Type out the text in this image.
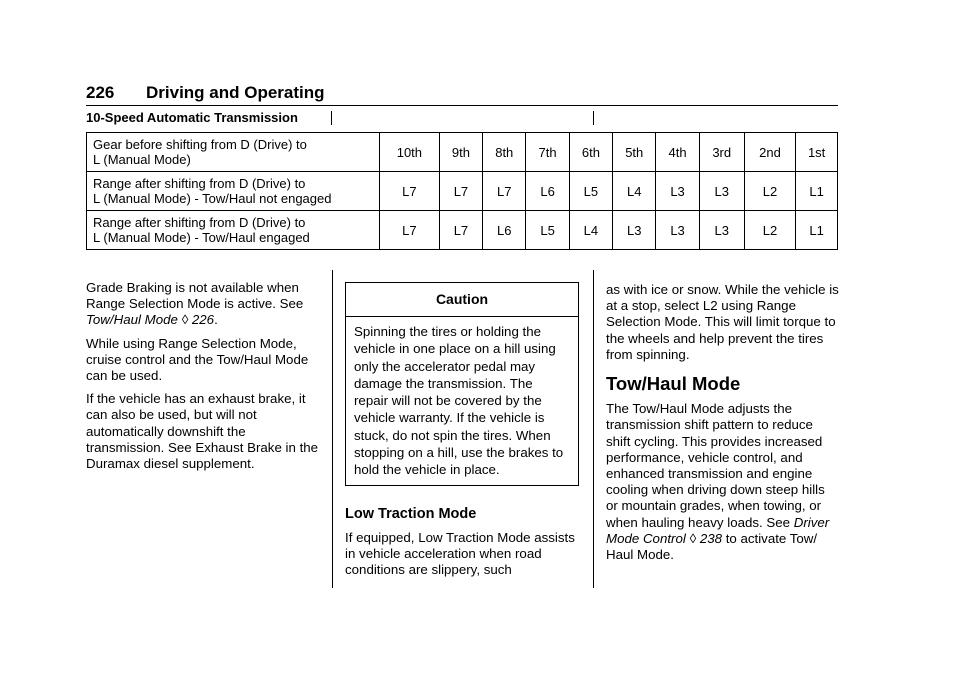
226 Driving and Operating
10-Speed Automatic Transmission
Gear before shifting from D (Drive) to
L (Manual Mode)	10th	9th	8th	7th	6th	5th	4th	3rd	2nd	1st
Range after shifting from D (Drive) to
L (Manual Mode) - Tow/Haul not engaged	L7	L7	L7	L6	L5	L4	L3	L3	L2	L1
Range after shifting from D (Drive) to
L (Manual Mode) - Tow/Haul engaged	L7	L7	L6	L5	L4	L3	L3	L3	L2	L1

Grade Braking is not available when Range Selection Mode is active. See Tow/Haul Mode ◊ 226.

While using Range Selection Mode, cruise control and the Tow/Haul Mode can be used.

If the vehicle has an exhaust brake, it can also be used, but will not automatically downshift the transmission. See Exhaust Brake in the Duramax diesel supplement.

Caution
Spinning the tires or holding the vehicle in one place on a hill using only the accelerator pedal may damage the transmission. The repair will not be covered by the vehicle warranty. If the vehicle is stuck, do not spin the tires. When stopping on a hill, use the brakes to hold the vehicle in place.
Low Traction Mode

If equipped, Low Traction Mode assists in vehicle acceleration when road conditions are slippery, such

as with ice or snow. While the vehicle is at a stop, select L2 using Range Selection Mode. This will limit torque to the wheels and help prevent the tires from spinning.

Tow/Haul Mode

The Tow/Haul Mode adjusts the transmission shift pattern to reduce shift cycling. This provides increased performance, vehicle control, and enhanced transmission and engine cooling when driving down steep hills or mountain grades, when towing, or when hauling heavy loads. See Driver Mode Control ◊ 238 to activate Tow/ Haul Mode.
